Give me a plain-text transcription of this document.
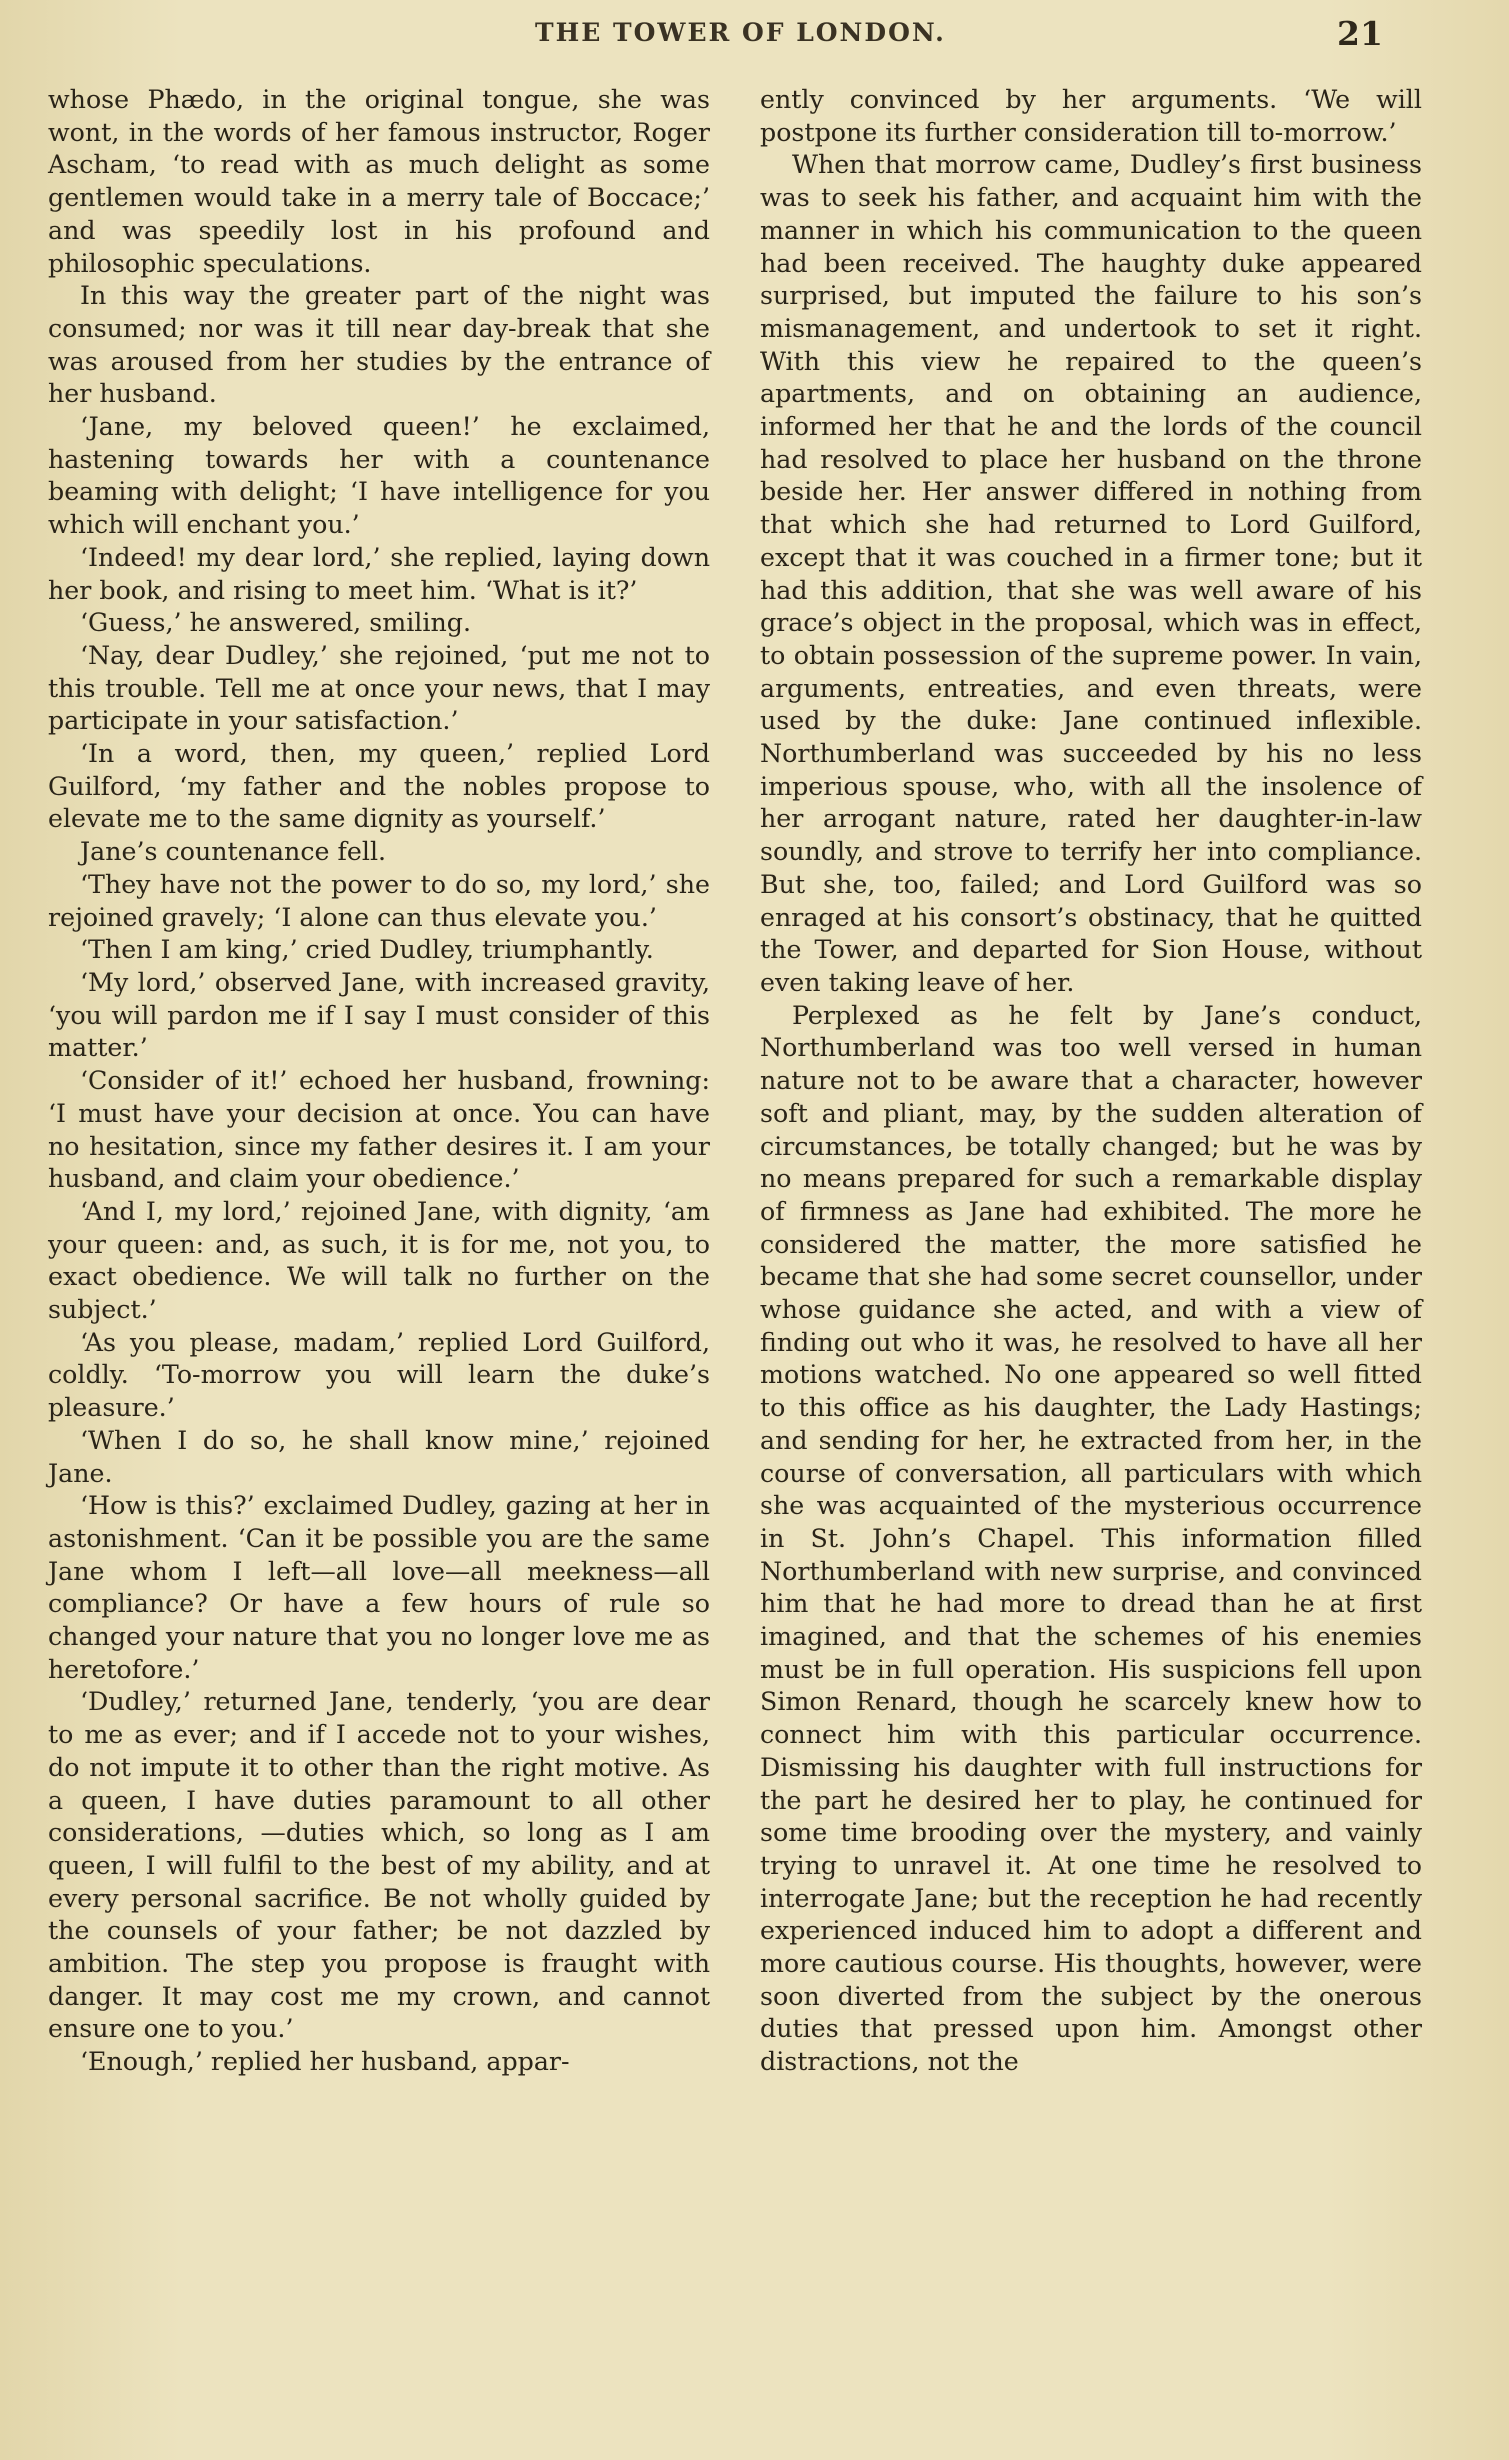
THE TOWER OF LONDON.	21

whose Phædo, in the original tongue, she was wont, in the words of her famous instructor, Roger Ascham, ‘to read with as much delight as some gentlemen would take in a merry tale of Boccace;’ and was speedily lost in his profound and philosophic speculations.

In this way the greater part of the night was consumed; nor was it till near day-break that she was aroused from her studies by the entrance of her husband.

‘Jane, my beloved queen!’ he exclaimed, hastening towards her with a countenance beaming with delight; ‘I have intelligence for you which will enchant you.’

‘Indeed! my dear lord,’ she replied, laying down her book, and rising to meet him. ‘What is it?’

‘Guess,’ he answered, smiling.

‘Nay, dear Dudley,’ she rejoined, ‘put me not to this trouble. Tell me at once your news, that I may participate in your satisfaction.’

‘In a word, then, my queen,’ replied Lord Guilford, ‘my father and the nobles propose to elevate me to the same dignity as yourself.’

Jane’s countenance fell.

‘They have not the power to do so, my lord,’ she rejoined gravely; ‘I alone can thus elevate you.’

‘Then I am king,’ cried Dudley, triumphantly.

‘My lord,’ observed Jane, with increased gravity, ‘you will pardon me if I say I must consider of this matter.’

‘Consider of it!’ echoed her husband, frowning: ‘I must have your decision at once. You can have no hesitation, since my father desires it. I am your husband, and claim your obedience.’

‘And I, my lord,’ rejoined Jane, with dignity, ‘am your queen: and, as such, it is for me, not you, to exact obedience. We will talk no further on the subject.’

‘As you please, madam,’ replied Lord Guilford, coldly. ‘To-morrow you will learn the duke’s pleasure.’

‘When I do so, he shall know mine,’ rejoined Jane.

‘How is this?’ exclaimed Dudley, gazing at her in astonishment. ‘Can it be possible you are the same Jane whom I left—all love—all meekness—all compliance? Or have a few hours of rule so changed your nature that you no longer love me as heretofore.’

‘Dudley,’ returned Jane, tenderly, ‘you are dear to me as ever; and if I accede not to your wishes, do not impute it to other than the right motive. As a queen, I have duties paramount to all other considerations, —duties which, so long as I am queen, I will fulfil to the best of my ability, and at every personal sacrifice. Be not wholly guided by the counsels of your father; be not dazzled by ambition. The step you propose is fraught with danger. It may cost me my crown, and cannot ensure one to you.’

‘Enough,’ replied her husband, appar-

ently convinced by her arguments. ‘We will postpone its further consideration till to-morrow.’

When that morrow came, Dudley’s first business was to seek his father, and acquaint him with the manner in which his communication to the queen had been received. The haughty duke appeared surprised, but imputed the failure to his son’s mismanagement, and undertook to set it right. With this view he repaired to the queen’s apartments, and on obtaining an audience, informed her that he and the lords of the council had resolved to place her husband on the throne beside her. Her answer differed in nothing from that which she had returned to Lord Guilford, except that it was couched in a firmer tone; but it had this addition, that she was well aware of his grace’s object in the proposal, which was in effect, to obtain possession of the supreme power. In vain, arguments, entreaties, and even threats, were used by the duke: Jane continued inflexible. Northumberland was succeeded by his no less imperious spouse, who, with all the insolence of her arrogant nature, rated her daughter-in-law soundly, and strove to terrify her into compliance. But she, too, failed; and Lord Guilford was so enraged at his consort’s obstinacy, that he quitted the Tower, and departed for Sion House, without even taking leave of her.

Perplexed as he felt by Jane’s conduct, Northumberland was too well versed in human nature not to be aware that a character, however soft and pliant, may, by the sudden alteration of circumstances, be totally changed; but he was by no means prepared for such a remarkable display of firmness as Jane had exhibited. The more he considered the matter, the more satisfied he became that she had some secret counsellor, under whose guidance she acted, and with a view of finding out who it was, he resolved to have all her motions watched. No one appeared so well fitted to this office as his daughter, the Lady Hastings; and sending for her, he extracted from her, in the course of conversation, all particulars with which she was acquainted of the mysterious occurrence in St. John’s Chapel. This information filled Northumberland with new surprise, and convinced him that he had more to dread than he at first imagined, and that the schemes of his enemies must be in full operation. His suspicions fell upon Simon Renard, though he scarcely knew how to connect him with this particular occurrence. Dismissing his daughter with full instructions for the part he desired her to play, he continued for some time brooding over the mystery, and vainly trying to unravel it. At one time he resolved to interrogate Jane; but the reception he had recently experienced induced him to adopt a different and more cautious course. His thoughts, however, were soon diverted from the subject by the onerous duties that pressed upon him. Amongst other distractions, not the
